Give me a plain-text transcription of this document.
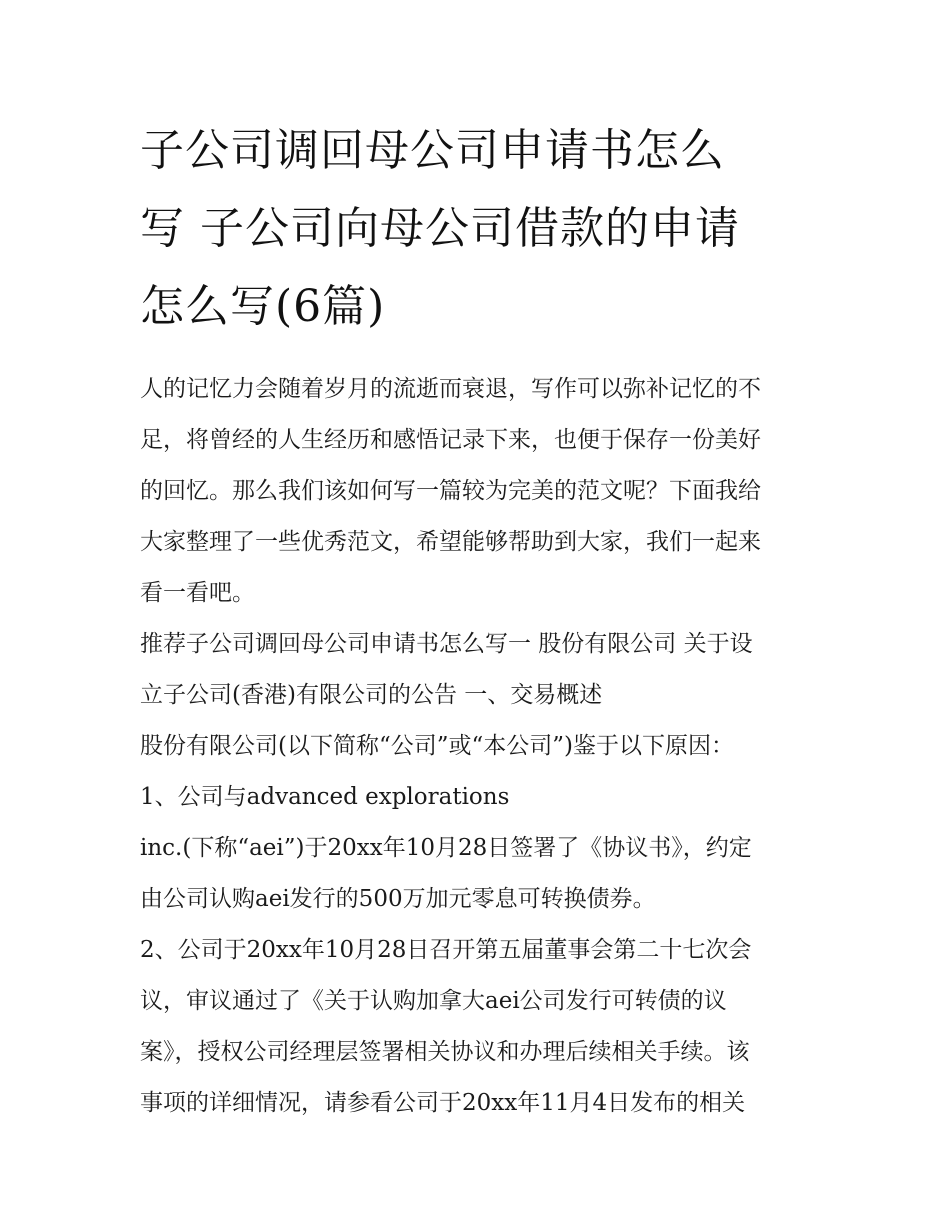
子公司调回母公司申请书怎么
写 子公司向母公司借款的申请
怎么写(6篇)
人的记忆力会随着岁月的流逝而衰退，写作可以弥补记忆的不
足，将曾经的人生经历和感悟记录下来，也便于保存一份美好
的回忆。那么我们该如何写一篇较为完美的范文呢？下面我给
大家整理了一些优秀范文，希望能够帮助到大家，我们一起来
看一看吧。
推荐子公司调回母公司申请书怎么写一 股份有限公司 关于设
立子公司(香港)有限公司的公告 一、交易概述
股份有限公司(以下简称“公司”或“本公司”)鉴于以下原因：
1、公司与advanced explorations
inc.(下称“aei”)于20xx年10月28日签署了《协议书》，约定
由公司认购aei发行的500万加元零息可转换债券。
2、公司于20xx年10月28日召开第五届董事会第二十七次会
议，审议通过了《关于认购加拿大aei公司发行可转债的议
案》，授权公司经理层签署相关协议和办理后续相关手续。该
事项的详细情况，请参看公司于20xx年11月4日发布的相关
